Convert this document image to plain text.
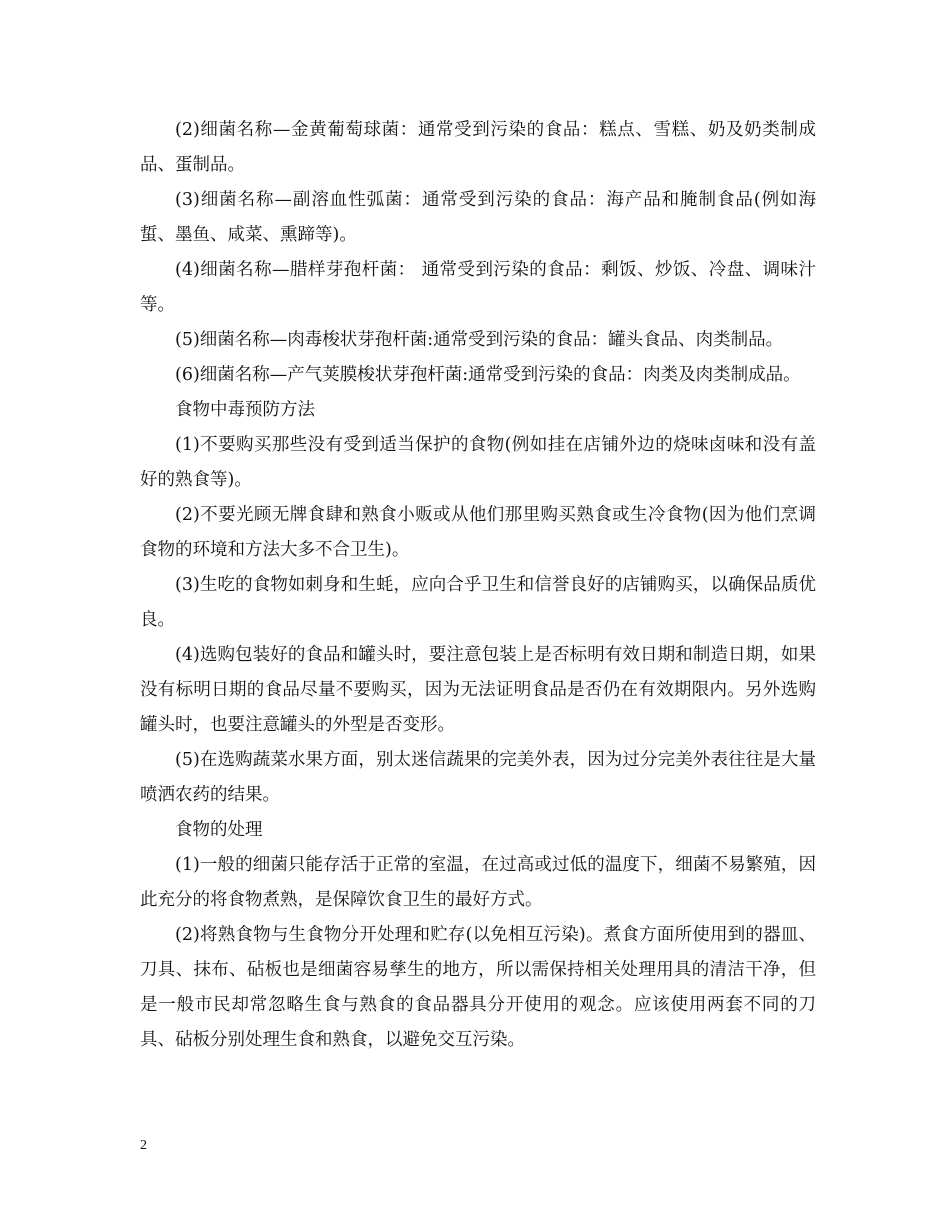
(2)细菌名称—金黄葡萄球菌：通常受到污染的食品：糕点、雪糕、奶及奶类制成品、蛋制品。

(3)细菌名称—副溶血性弧菌：通常受到污染的食品：海产品和腌制食品(例如海蜇、墨鱼、咸菜、熏蹄等)。

(4)细菌名称—腊样芽孢杆菌： 通常受到污染的食品：剩饭、炒饭、冷盘、调味汁等。

(5)细菌名称—肉毒梭状芽孢杆菌:通常受到污染的食品：罐头食品、肉类制品。

(6)细菌名称—产气荚膜梭状芽孢杆菌:通常受到污染的食品：肉类及肉类制成品。

食物中毒预防方法

(1)不要购买那些没有受到适当保护的食物(例如挂在店铺外边的烧味卤味和没有盖好的熟食等)。

(2)不要光顾无牌食肆和熟食小贩或从他们那里购买熟食或生冷食物(因为他们烹调食物的环境和方法大多不合卫生)。

(3)生吃的食物如刺身和生蚝，应向合乎卫生和信誉良好的店铺购买，以确保品质优良。

(4)选购包装好的食品和罐头时，要注意包装上是否标明有效日期和制造日期，如果没有标明日期的食品尽量不要购买，因为无法证明食品是否仍在有效期限内。另外选购罐头时，也要注意罐头的外型是否变形。

(5)在选购蔬菜水果方面，别太迷信蔬果的完美外表，因为过分完美外表往往是大量喷洒农药的结果。

食物的处理

(1)一般的细菌只能存活于正常的室温，在过高或过低的温度下，细菌不易繁殖，因此充分的将食物煮熟，是保障饮食卫生的最好方式。

(2)将熟食物与生食物分开处理和贮存(以免相互污染)。煮食方面所使用到的器皿、刀具、抹布、砧板也是细菌容易孳生的地方，所以需保持相关处理用具的清洁干净，但是一般市民却常忽略生食与熟食的食品器具分开使用的观念。应该使用两套不同的刀具、砧板分别处理生食和熟食，以避免交互污染。

2
